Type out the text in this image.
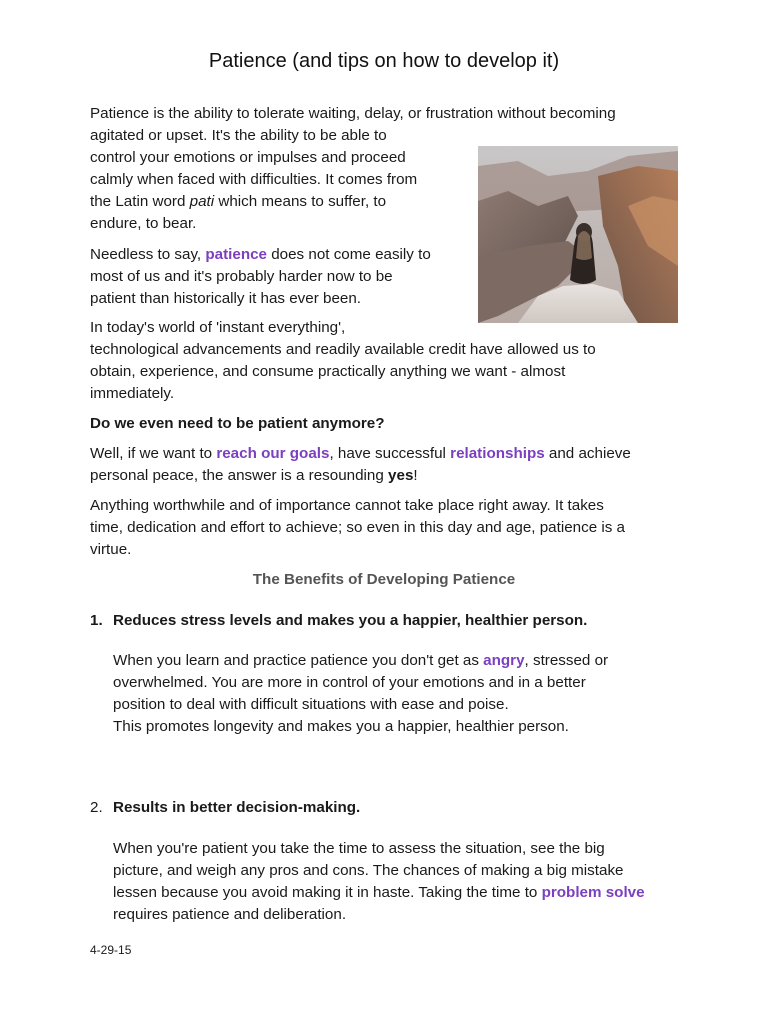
Patience (and tips on how to develop it)
Patience is the ability to tolerate waiting, delay, or frustration without becoming
agitated or upset. It's the ability to be able to
control your emotions or impulses and proceed
calmly when faced with difficulties. It comes from
the Latin word pati which means to suffer, to
endure, to bear.
Needless to say, patience does not come easily to
most of us and it's probably harder now to be
patient than historically it has ever been.
In today's world of 'instant everything',
technological advancements and readily available credit have allowed us to
obtain, experience, and consume practically anything we want - almost
immediately.
Do we even need to be patient anymore?
Well, if we want to reach our goals, have successful relationships and achieve
personal peace, the answer is a resounding yes!
Anything worthwhile and of importance cannot take place right away. It takes
time, dedication and effort to achieve; so even in this day and age, patience is a
virtue.
The Benefits of Developing Patience
1. Reduces stress levels and makes you a happier, healthier person.
When you learn and practice patience you don't get as angry, stressed or
overwhelmed. You are more in control of your emotions and in a better
position to deal with difficult situations with ease and poise.
This promotes longevity and makes you a happier, healthier person.
2. Results in better decision-making.
When you're patient you take the time to assess the situation, see the big
picture, and weigh any pros and cons. The chances of making a big mistake
lessen because you avoid making it in haste. Taking the time to problem solve
requires patience and deliberation.
4-29-15
